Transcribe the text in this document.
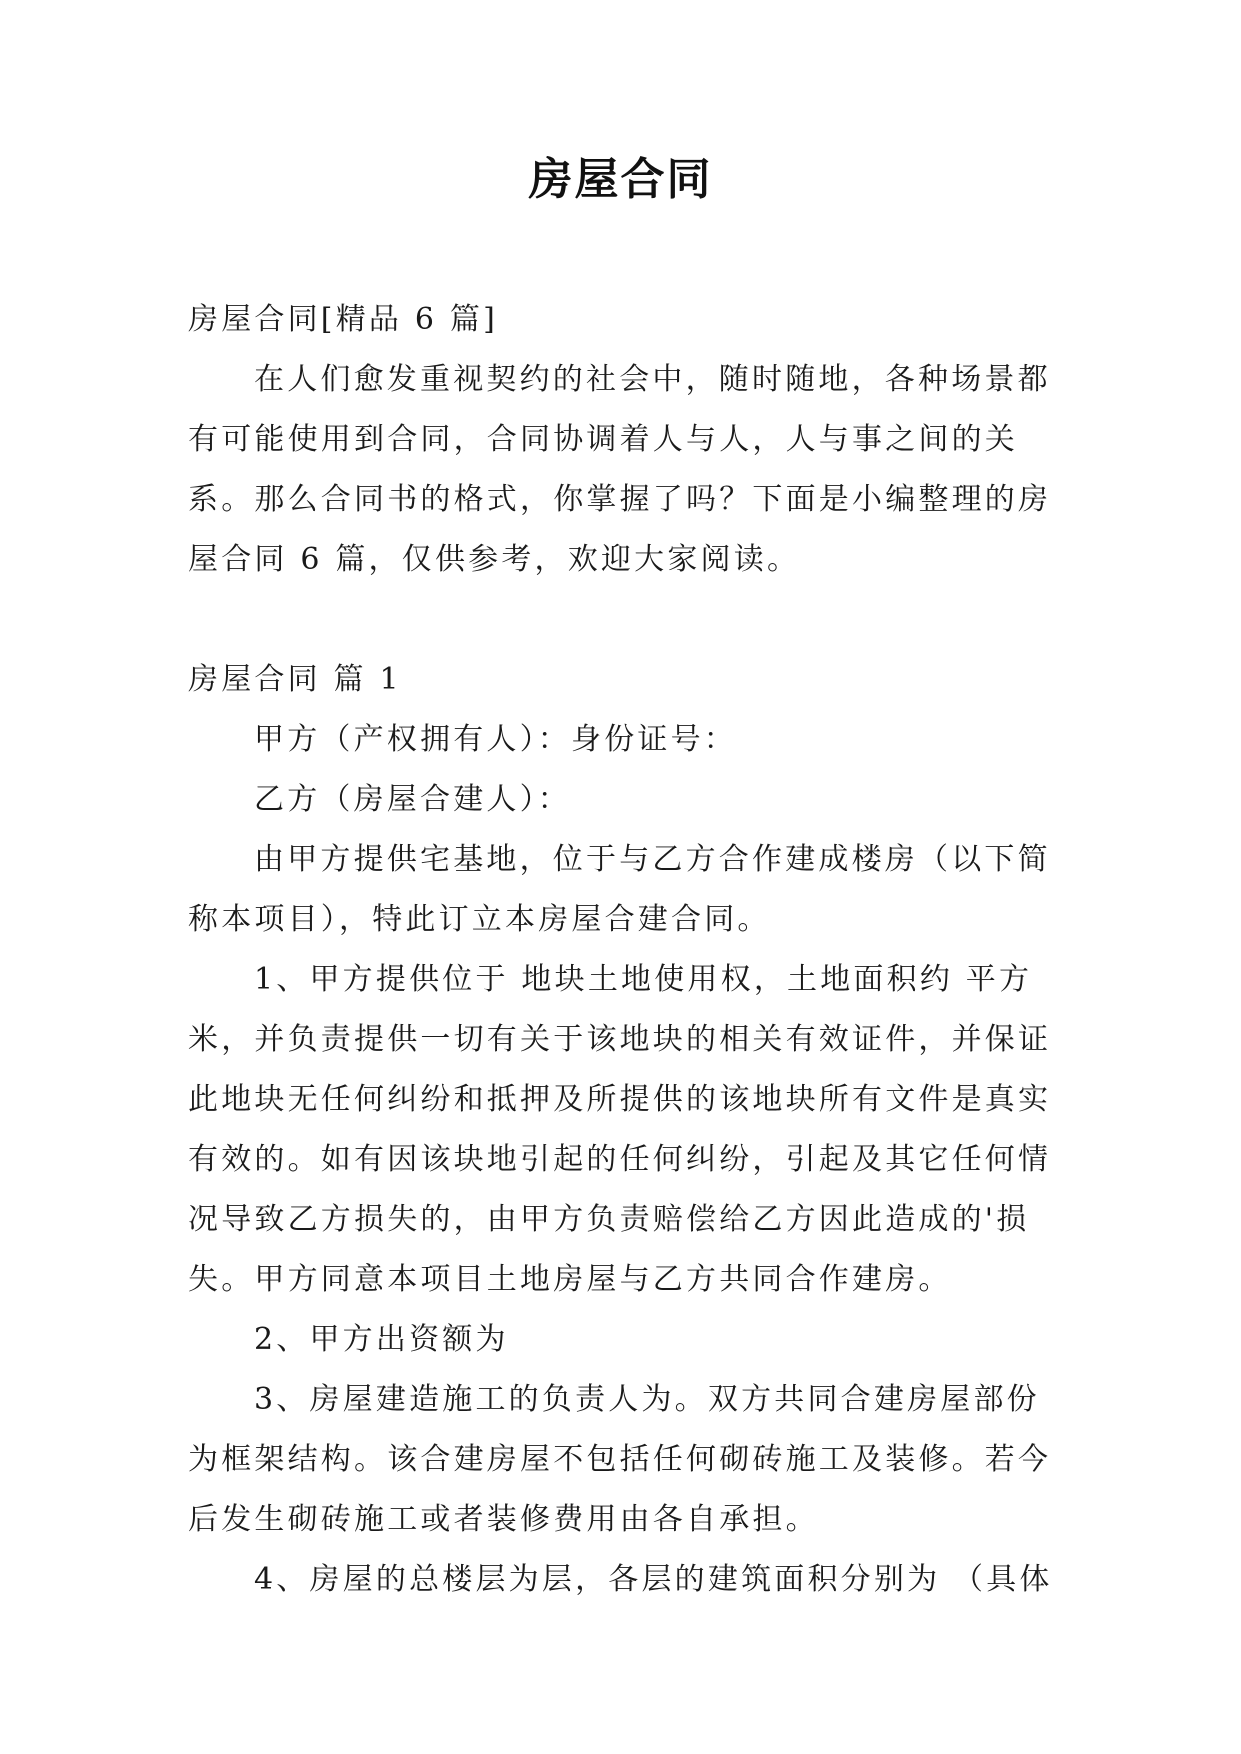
房屋合同

房屋合同[精品 6 篇]

在人们愈发重视契约的社会中，随时随地，各种场景都有可能使用到合同，合同协调着人与人，人与事之间的关系。那么合同书的格式，你掌握了吗？下面是小编整理的房屋合同 6 篇，仅供参考，欢迎大家阅读。

房屋合同 篇 1

甲方（产权拥有人）：身份证号：

乙方（房屋合建人）：

由甲方提供宅基地，位于与乙方合作建成楼房（以下简称本项目），特此订立本房屋合建合同。

1、甲方提供位于 地块土地使用权，土地面积约 平方米，并负责提供一切有关于该地块的相关有效证件，并保证此地块无任何纠纷和抵押及所提供的该地块所有文件是真实有效的。如有因该块地引起的任何纠纷，引起及其它任何情况导致乙方损失的，由甲方负责赔偿给乙方因此造成的'损失。甲方同意本项目土地房屋与乙方共同合作建房。

2、甲方出资额为

3、房屋建造施工的负责人为。双方共同合建房屋部份为框架结构。该合建房屋不包括任何砌砖施工及装修。若今后发生砌砖施工或者装修费用由各自承担。

4、房屋的总楼层为层，各层的建筑面积分别为 （具体
